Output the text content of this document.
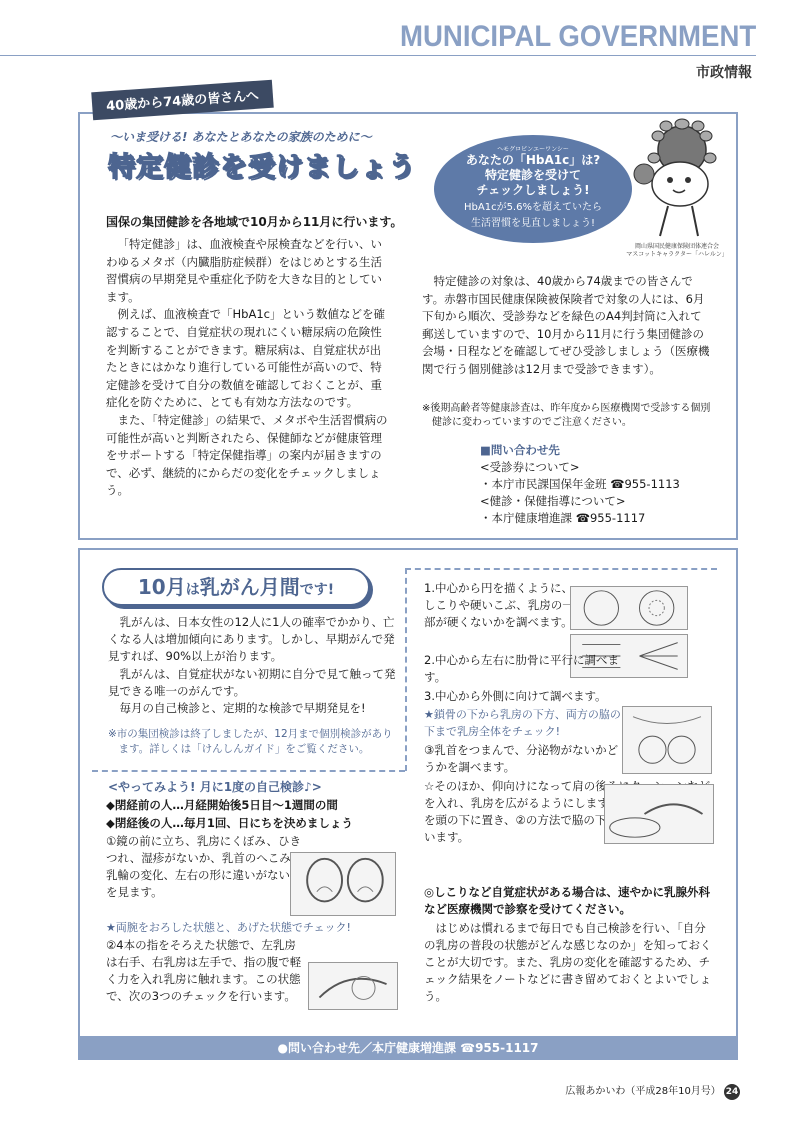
MUNICIPAL GOVERNMENT
市政情報
40歳から74歳の皆さんへ
～いま受ける! あなたとあなたの家族のために～
特定健診を受けましょう
ヘモグロビンエーワンシー
あなたの「HbA1c」は?
特定健診を受けて
チェックしましょう!
HbA1cが5.6%を超えていたら
生活習慣を見直しましょう!
岡山県国民健康保険団体連合会
マスコットキャラクター「ハレルン」
国保の集団健診を各地域で10月から11月に行います。

「特定健診」は、血液検査や尿検査などを行い、いわゆるメタボ（内臓脂肪症候群）をはじめとする生活習慣病の早期発見や重症化予防を大きな目的としています。

例えば、血液検査で「HbA1c」という数値などを確認することで、自覚症状の現れにくい糖尿病の危険性を判断することができます。糖尿病は、自覚症状が出たときにはかなり進行している可能性が高いので、特定健診を受けて自分の数値を確認しておくことが、重症化を防ぐために、とても有効な方法なのです。

また、「特定健診」の結果で、メタボや生活習慣病の可能性が高いと判断されたら、保健師などが健康管理をサポートする「特定保健指導」の案内が届きますので、必ず、継続的にからだの変化をチェックしましょう。

特定健診の対象は、40歳から74歳までの皆さんです。赤磐市国民健康保険被保険者で対象の人には、6月下旬から順次、受診券などを緑色のA4判封筒に入れて郵送していますので、10月から11月に行う集団健診の会場・日程などを確認してぜひ受診しましょう（医療機関で行う個別健診は12月まで受診できます）。
※後期高齢者等健康診査は、昨年度から医療機関で受診する個別健診に変わっていますのでご注意ください。
■問い合わせ先
<受診券について>
・本庁市民課国保年金班 ☎955-1113
<健診・保健指導について>
・本庁健康増進課 ☎955-1117
10月は乳がん月間です!

乳がんは、日本女性の12人に1人の確率でかかり、亡くなる人は増加傾向にあります。しかし、早期がんで発見すれば、90%以上が治ります。

乳がんは、自覚症状がない初期に自分で見て触って発見できる唯一のがんです。

毎月の自己検診と、定期的な検診で早期発見を!

※市の集団検診は終了しましたが、12月まで個別検診があります。詳しくは「けんしんガイド」をご覧ください。
<やってみよう! 月に1度の自己検診♪>
◆閉経前の人…月経開始後5日目～1週間の間
◆閉経後の人…毎月1回、日にちを決めましょう
①鏡の前に立ち、乳房にくぼみ、ひきつれ、湿疹がないか、乳首のへこみ、乳輪の変化、左右の形に違いがないかを見ます。
★両腕をおろした状態と、あげた状態でチェック!
②4本の指をそろえた状態で、左乳房は右手、右乳房は左手で、指の腹で軽く力を入れ乳房に触れます。この状態で、次の3つのチェックを行います。
1.中心から円を描くように、しこりや硬いこぶ、乳房の一部が硬くないかを調べます。
2.中心から左右に肋骨に平行に調べます。
3.中心から外側に向けて調べます。
★鎖骨の下から乳房の下方、両方の脇の下まで乳房全体をチェック!
③乳首をつまんで、分泌物がないかどうかを調べます。
☆そのほか、仰向けになって肩の後ろにクッションなどを入れ、乳房を広がるようにします。さわる乳房側の手を頭の下に置き、②の方法で脇の下を伸ばした状態で行います。
◎しこりなど自覚症状がある場合は、速やかに乳腺外科など医療機関で診察を受けてください。
はじめは慣れるまで毎日でも自己検診を行い、「自分の乳房の普段の状態がどんな感じなのか」を知っておくことが大切です。また、乳房の変化を確認するため、チェック結果をノートなどに書き留めておくとよいでしょう。
●問い合わせ先／本庁健康増進課 ☎955-1117
広報あかいわ（平成28年10月号） 24
